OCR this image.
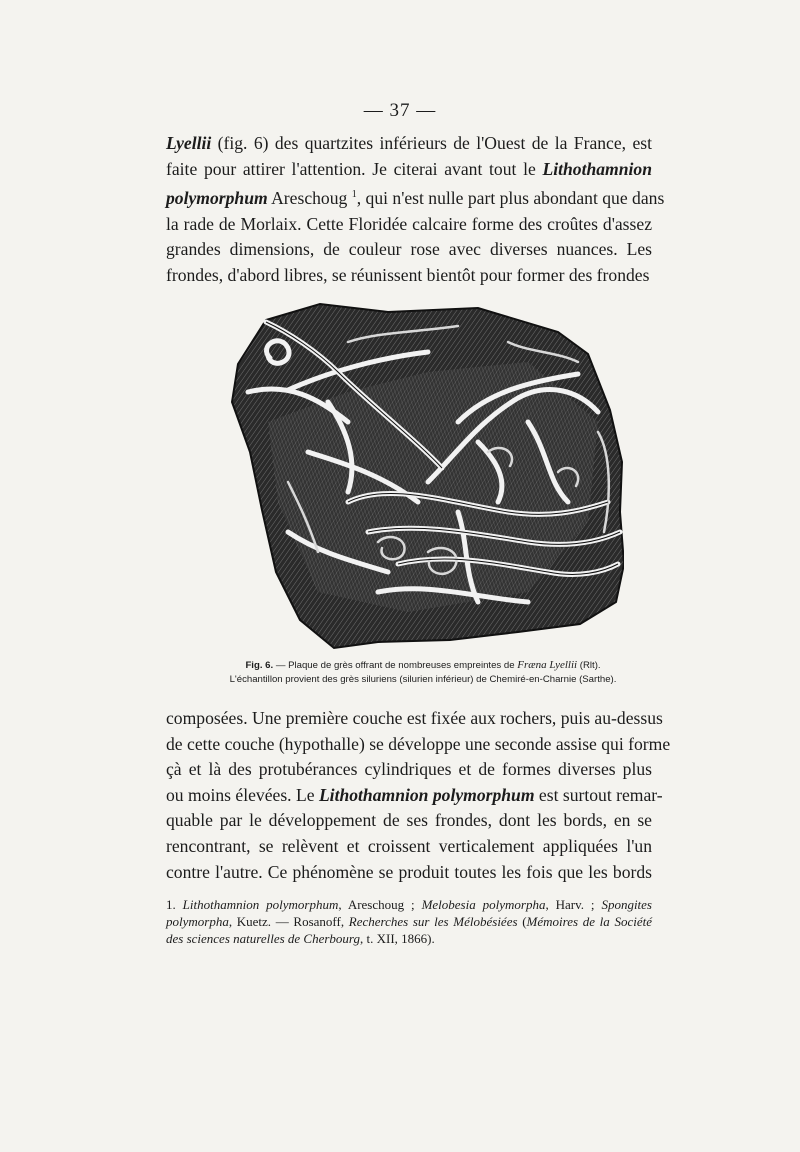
— 37 —

Lyellii (fig. 6) des quartzites inférieurs de l'Ouest de la France, est
faite pour attirer l'attention. Je citerai avant tout le Lithothamnion
polymorphum Areschoug $^1$, qui n'est nulle part plus abondant que dans
la rade de Morlaix. Cette Floridée calcaire forme des croûtes d'assez
grandes dimensions, de couleur rose avec diverses nuances. Les
frondes, d'abord libres, se réunissent bientôt pour former des frondes

Fig. 6. — Plaque de grès offrant de nombreuses empreintes de Fræna Lyellii (Rlt).
L'échantillon provient des grès siluriens (silurien inférieur) de Chemiré-en-Charnie (Sarthe).

composées. Une première couche est fixée aux rochers, puis au-dessus
de cette couche (hypothalle) se développe une seconde assise qui forme
çà et là des protubérances cylindriques et de formes diverses plus
ou moins élevées. Le Lithothamnion polymorphum est surtout remar-
quable par le développement de ses frondes, dont les bords, en se
rencontrant, se relèvent et croissent verticalement appliquées l'un
contre l'autre. Ce phénomène se produit toutes les fois que les bords

1. Lithothamnion polymorphum, Areschoug ; Melobesia polymorpha, Harv. ; Spongites
polymorpha, Kuetz. — Rosanoff, Recherches sur les Mélobésiées (Mémoires de la Société
des sciences naturelles de Cherbourg, t. XII, 1866).
